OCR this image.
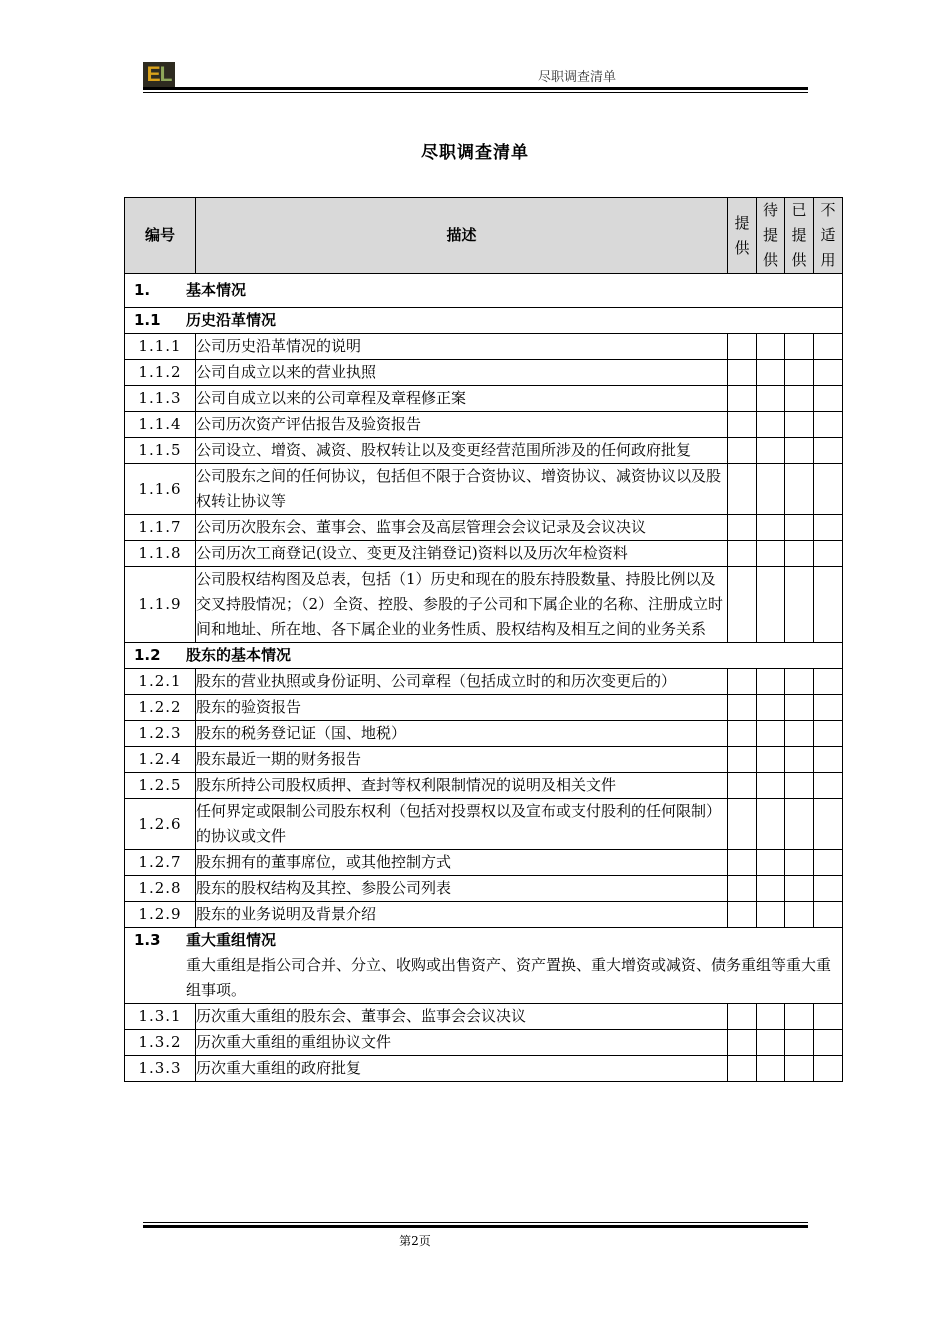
EL	尽职调查清单
尽职调查清单
编号	描述	提供	待提供	已提供	不适用
1. 基本情况					
1.1 历史沿革情况					
1.1.1	公司历史沿革情况的说明				
1.1.2	公司自成立以来的营业执照				
1.1.3	公司自成立以来的公司章程及章程修正案				
1.1.4	公司历次资产评估报告及验资报告				
1.1.5	公司设立、增资、减资、股权转让以及变更经营范围所涉及的任何政府批复				
1.1.6	公司股东之间的任何协议，包括但不限于合资协议、增资协议、减资协议以及股权转让协议等				
1.1.7	公司历次股东会、董事会、监事会及高层管理会会议记录及会议决议				
1.1.8	公司历次工商登记(设立、变更及注销登记)资料以及历次年检资料				
1.1.9	公司股权结构图及总表，包括（1）历史和现在的股东持股数量、持股比例以及交叉持股情况；（2）全资、控股、参股的子公司和下属企业的名称、注册成立时间和地址、所在地、各下属企业的业务性质、股权结构及相互之间的业务关系				
1.2 股东的基本情况					
1.2.1	股东的营业执照或身份证明、公司章程（包括成立时的和历次变更后的）				
1.2.2	股东的验资报告				
1.2.3	股东的税务登记证（国、地税）				
1.2.4	股东最近一期的财务报告				
1.2.5	股东所持公司股权质押、查封等权利限制情况的说明及相关文件				
1.2.6	任何界定或限制公司股东权利（包括对投票权以及宣布或支付股利的任何限制）的协议或文件				
1.2.7	股东拥有的董事席位，或其他控制方式				
1.2.8	股东的股权结构及其控、参股公司列表				
1.2.9	股东的业务说明及背景介绍				
1.3 重大重组情况
重大重组是指公司合并、分立、收购或出售资产、资产置换、重大增资或减资、债务重组等重大重组事项。					

1.3.1	历次重大重组的股东会、董事会、监事会会议决议				
1.3.2	历次重大重组的重组协议文件				
1.3.3	历次重大重组的政府批复				
第2页
